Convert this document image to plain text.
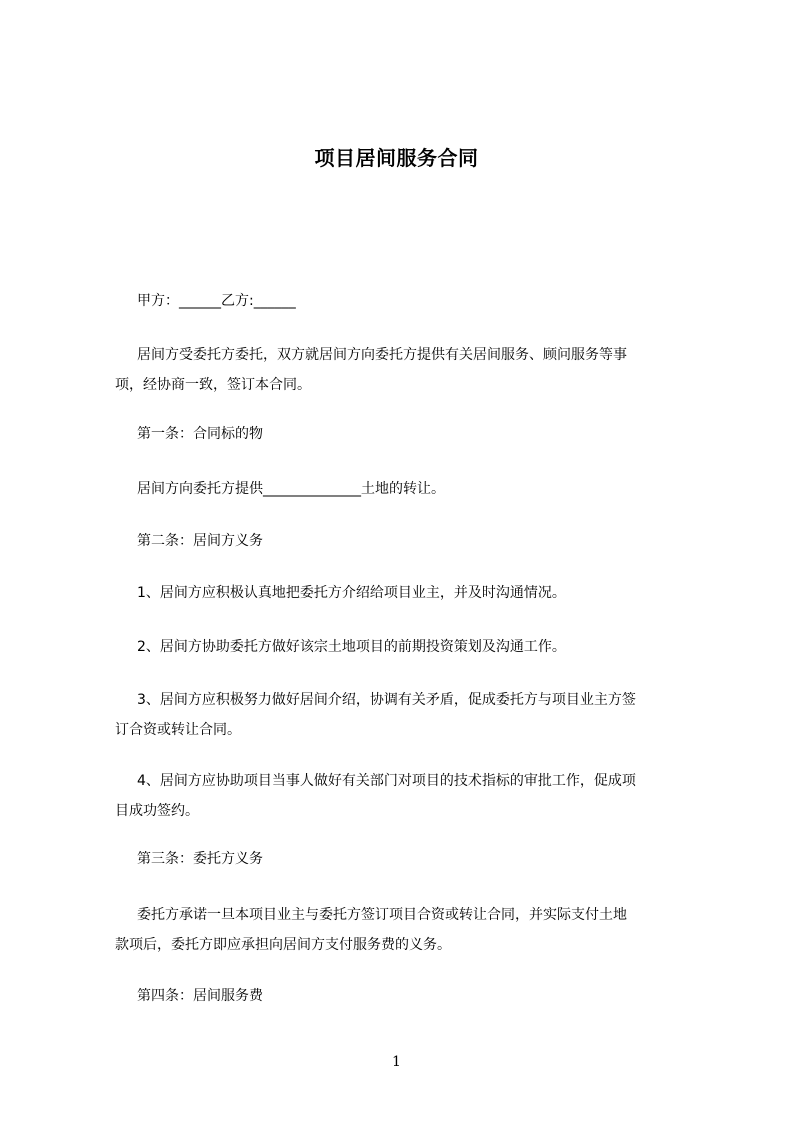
项目居间服务合同
甲方：______乙方:______
居间方受委托方委托，双方就居间方向委托方提供有关居间服务、顾问服务等事
项，经协商一致，签订本合同。
第一条：合同标的物
居间方向委托方提供______________土地的转让。
第二条：居间方义务
1、居间方应积极认真地把委托方介绍给项目业主，并及时沟通情况。
2、居间方协助委托方做好该宗土地项目的前期投资策划及沟通工作。
3、居间方应积极努力做好居间介绍，协调有关矛盾，促成委托方与项目业主方签
订合资或转让合同。
4、居间方应协助项目当事人做好有关部门对项目的技术指标的审批工作，促成项
目成功签约。
第三条：委托方义务
委托方承诺一旦本项目业主与委托方签订项目合资或转让合同，并实际支付土地
款项后，委托方即应承担向居间方支付服务费的义务。
第四条：居间服务费
1
